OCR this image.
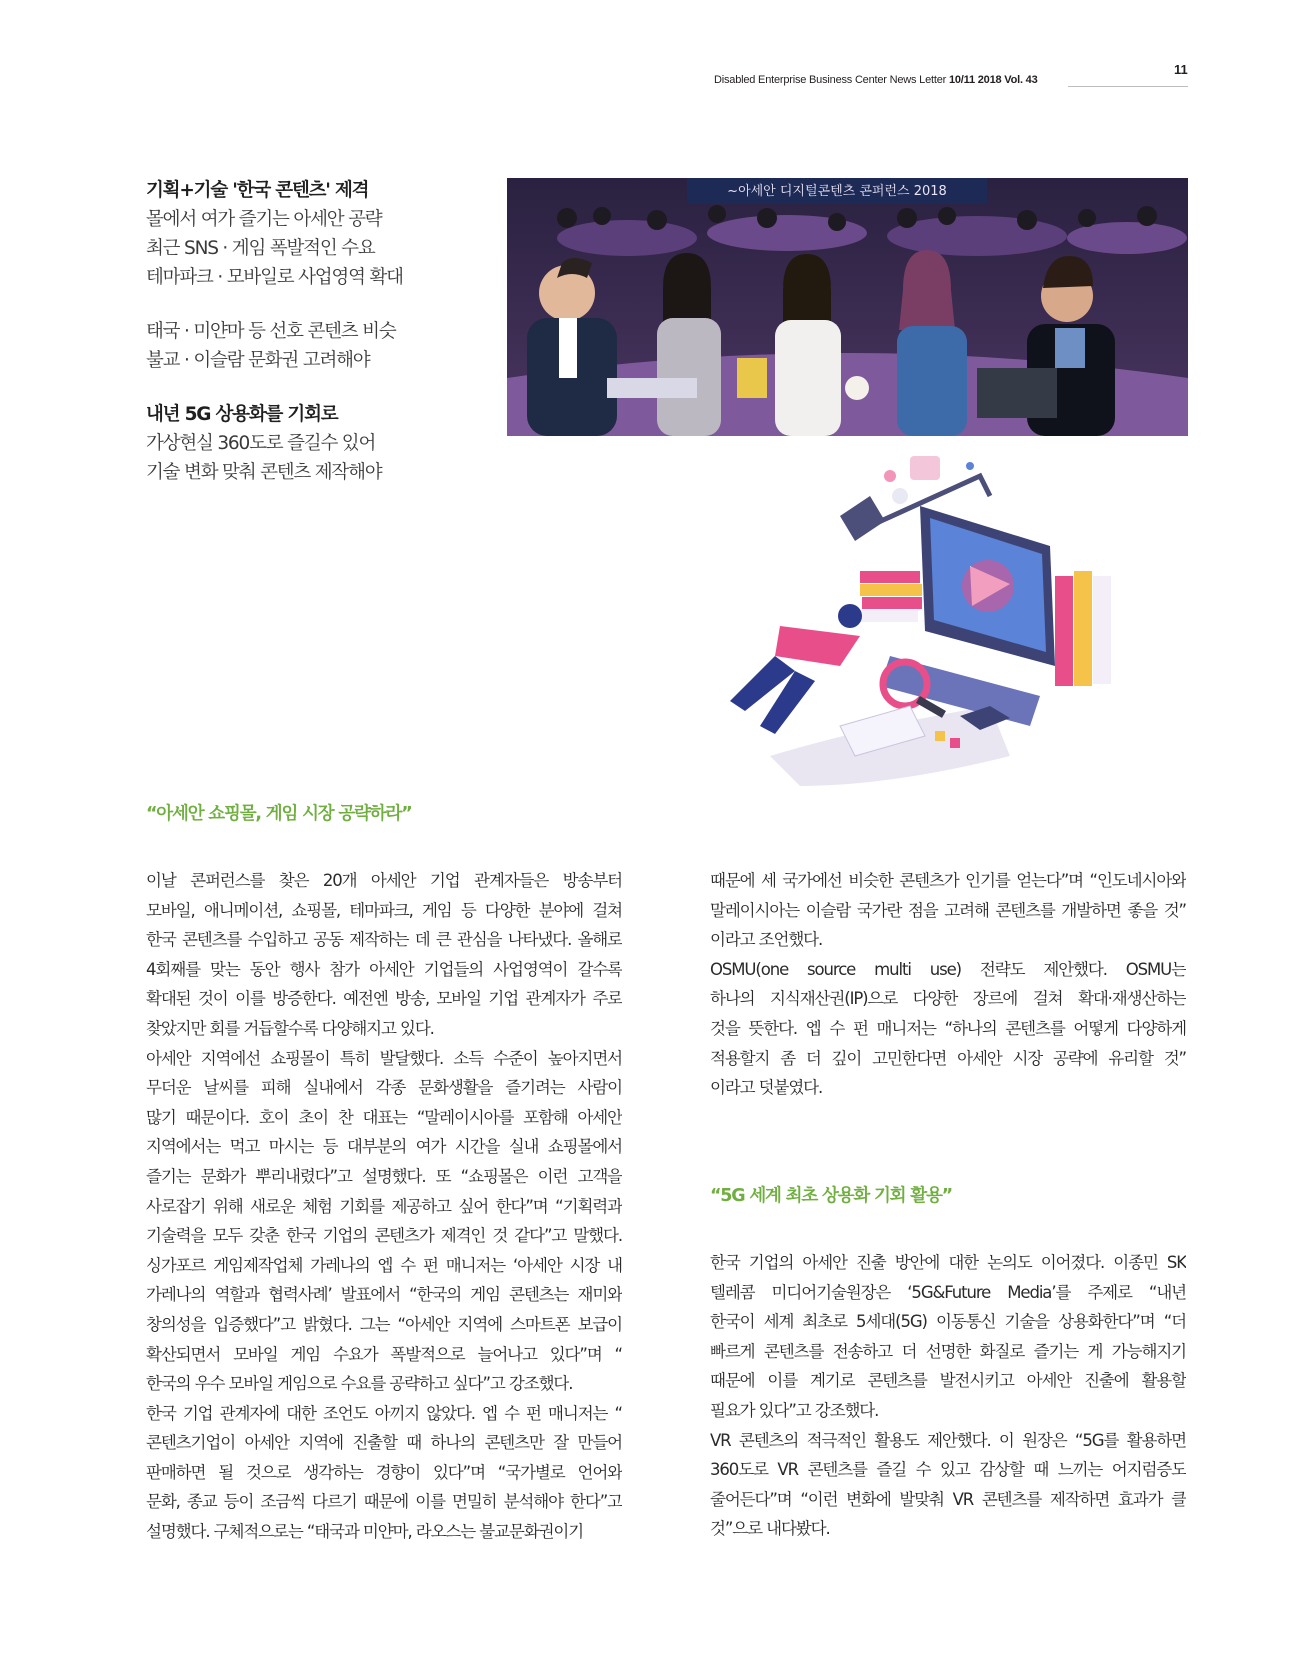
Disabled Enterprise Business Center News Letter 10/11 2018 Vol. 43
11
기획+기술 '한국 콘텐츠' 제격
몰에서 여가 즐기는 아세안 공략
최근 SNS · 게임 폭발적인 수요
테마파크 · 모바일로 사업영역 확대
태국 · 미얀마 등 선호 콘텐츠 비슷
불교 · 이슬람 문화권 고려해야
내년 5G 상용화를 기회로
가상현실 360도로 즐길수 있어
기술 변화 맞춰 콘텐츠 제작해야
~아세안 디지털콘텐츠 콘퍼런스 2018
“아세안 쇼핑몰, 게임 시장 공략하라”
이날 콘퍼런스를 찾은 20개 아세안 기업 관계자들은 방송부터
모바일, 애니메이션, 쇼핑몰, 테마파크, 게임 등 다양한 분야에 걸쳐
한국 콘텐츠를 수입하고 공동 제작하는 데 큰 관심을 나타냈다. 올해로
4회째를 맞는 동안 행사 참가 아세안 기업들의 사업영역이 갈수록
확대된 것이 이를 방증한다. 예전엔 방송, 모바일 기업 관계자가 주로
찾았지만 회를 거듭할수록 다양해지고 있다.
아세안 지역에선 쇼핑몰이 특히 발달했다. 소득 수준이 높아지면서
무더운 날씨를 피해 실내에서 각종 문화생활을 즐기려는 사람이
많기 때문이다. 호이 초이 찬 대표는 “말레이시아를 포함해 아세안
지역에서는 먹고 마시는 등 대부분의 여가 시간을 실내 쇼핑몰에서
즐기는 문화가 뿌리내렸다”고 설명했다. 또 “쇼핑몰은 이런 고객을
사로잡기 위해 새로운 체험 기회를 제공하고 싶어 한다”며 “기획력과
기술력을 모두 갖춘 한국 기업의 콘텐츠가 제격인 것 같다”고 말했다.
싱가포르 게임제작업체 가레나의 엡 수 펀 매니저는 ‘아세안 시장 내
가레나의 역할과 협력사례’ 발표에서 “한국의 게임 콘텐츠는 재미와
창의성을 입증했다”고 밝혔다. 그는 “아세안 지역에 스마트폰 보급이
확산되면서 모바일 게임 수요가 폭발적으로 늘어나고 있다”며 “
한국의 우수 모바일 게임으로 수요를 공략하고 싶다”고 강조했다.
한국 기업 관계자에 대한 조언도 아끼지 않았다. 엡 수 펀 매니저는 “
콘텐츠기업이 아세안 지역에 진출할 때 하나의 콘텐츠만 잘 만들어
판매하면 될 것으로 생각하는 경향이 있다”며 “국가별로 언어와
문화, 종교 등이 조금씩 다르기 때문에 이를 면밀히 분석해야 한다”고
설명했다. 구체적으로는 “태국과 미얀마, 라오스는 불교문화권이기
때문에 세 국가에선 비슷한 콘텐츠가 인기를 얻는다”며 “인도네시아와
말레이시아는 이슬람 국가란 점을 고려해 콘텐츠를 개발하면 좋을 것”
이라고 조언했다.
OSMU(one source multi use) 전략도 제안했다. OSMU는
하나의 지식재산권(IP)으로 다양한 장르에 걸쳐 확대·재생산하는
것을 뜻한다. 엡 수 펀 매니저는 “하나의 콘텐츠를 어떻게 다양하게
적용할지 좀 더 깊이 고민한다면 아세안 시장 공략에 유리할 것”
이라고 덧붙였다.
“5G 세계 최초 상용화 기회 활용”
한국 기업의 아세안 진출 방안에 대한 논의도 이어졌다. 이종민 SK
텔레콤 미디어기술원장은 ‘5G&Future Media’를 주제로 “내년
한국이 세계 최초로 5세대(5G) 이동통신 기술을 상용화한다”며 “더
빠르게 콘텐츠를 전송하고 더 선명한 화질로 즐기는 게 가능해지기
때문에 이를 계기로 콘텐츠를 발전시키고 아세안 진출에 활용할
필요가 있다”고 강조했다.
VR 콘텐츠의 적극적인 활용도 제안했다. 이 원장은 “5G를 활용하면
360도로 VR 콘텐츠를 즐길 수 있고 감상할 때 느끼는 어지럼증도
줄어든다”며 “이런 변화에 발맞춰 VR 콘텐츠를 제작하면 효과가 클
것”으로 내다봤다.
